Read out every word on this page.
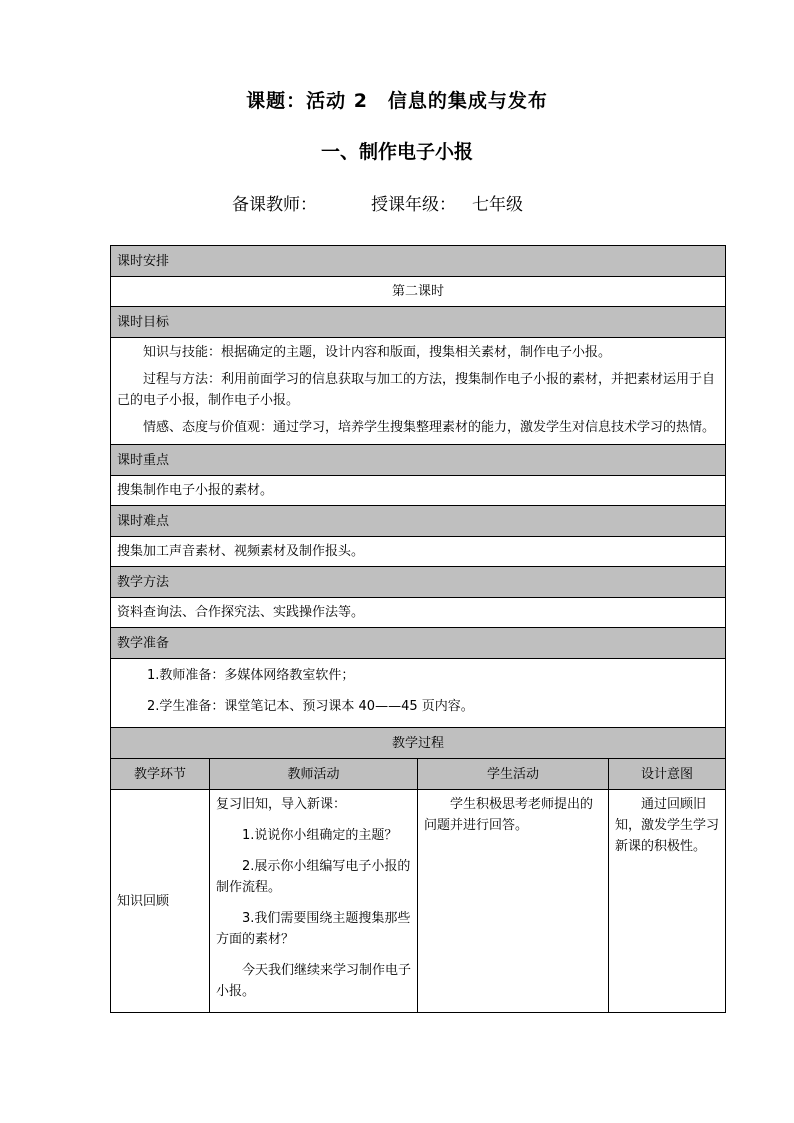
课题：活动 2　信息的集成与发布
一、制作电子小报
备课教师：	授课年级： 七年级
课时安排			
第二课时			
课时目标			

知识与技能：根据确定的主题，设计内容和版面，搜集相关素材，制作电子小报。

过程与方法：利用前面学习的信息获取与加工的方法，搜集制作电子小报的素材，并把素材运用于自己的电子小报，制作电子小报。

情感、态度与价值观：通过学习，培养学生搜集整理素材的能力，激发学生对信息技术学习的热情。			

课时重点			
搜集制作电子小报的素材。			
课时难点			
搜集加工声音素材、视频素材及制作报头。			
教学方法			
资料查询法、合作探究法、实践操作法等。			
教学准备			

1.教师准备：多媒体网络教室软件；

2.学生准备：课堂笔记本、预习课本 40——45 页内容。			

教学过程			
教学环节	教师活动	学生活动	设计意图
知识回顾	复习旧知，导入新课：

1.说说你小组确定的主题？

2.展示你小组编写电子小报的制作流程。

3.我们需要围绕主题搜集那些方面的素材？

今天我们继续来学习制作电子小报。	学生积极思考老师提出的问题并进行回答。	通过回顾旧知，激发学生学习新课的积极性。
